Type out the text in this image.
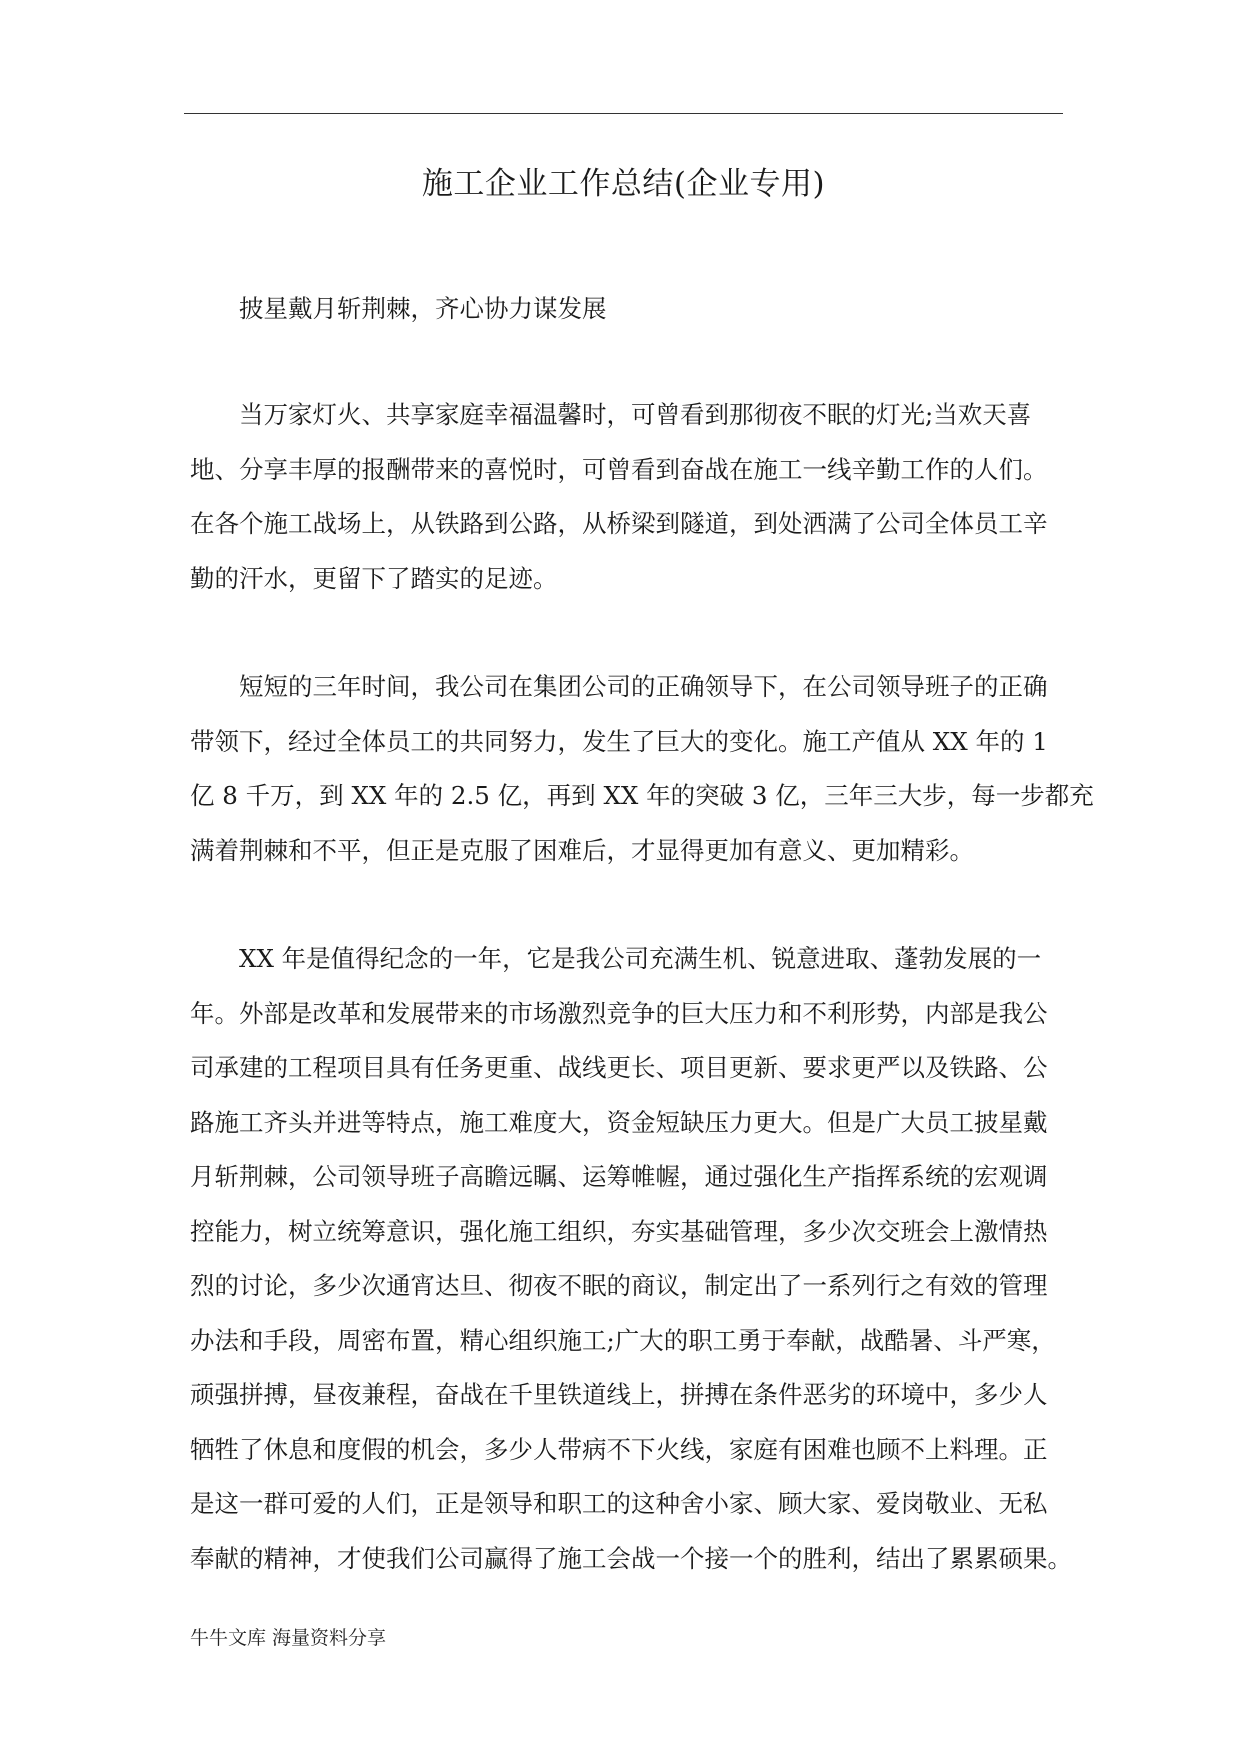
施工企业工作总结(企业专用)

披星戴月斩荆棘，齐心协力谋发展

当万家灯火、共享家庭幸福温馨时，可曾看到那彻夜不眠的灯光;当欢天喜
地、分享丰厚的报酬带来的喜悦时，可曾看到奋战在施工一线辛勤工作的人们。
在各个施工战场上，从铁路到公路，从桥梁到隧道，到处洒满了公司全体员工辛
勤的汗水，更留下了踏实的足迹。

短短的三年时间，我公司在集团公司的正确领导下，在公司领导班子的正确
带领下，经过全体员工的共同努力，发生了巨大的变化。施工产值从 XX 年的 1
亿 8 千万，到 XX 年的 2.5 亿，再到 XX 年的突破 3 亿，三年三大步，每一步都充
满着荆棘和不平，但正是克服了困难后，才显得更加有意义、更加精彩。

XX 年是值得纪念的一年，它是我公司充满生机、锐意进取、蓬勃发展的一
年。外部是改革和发展带来的市场激烈竞争的巨大压力和不利形势，内部是我公
司承建的工程项目具有任务更重、战线更长、项目更新、要求更严以及铁路、公
路施工齐头并进等特点，施工难度大，资金短缺压力更大。但是广大员工披星戴
月斩荆棘，公司领导班子高瞻远瞩、运筹帷幄，通过强化生产指挥系统的宏观调
控能力，树立统筹意识，强化施工组织，夯实基础管理，多少次交班会上激情热
烈的讨论，多少次通宵达旦、彻夜不眠的商议，制定出了一系列行之有效的管理
办法和手段，周密布置，精心组织施工;广大的职工勇于奉献，战酷暑、斗严寒，
顽强拼搏，昼夜兼程，奋战在千里铁道线上，拼搏在条件恶劣的环境中，多少人
牺牲了休息和度假的机会，多少人带病不下火线，家庭有困难也顾不上料理。正
是这一群可爱的人们，正是领导和职工的这种舍小家、顾大家、爱岗敬业、无私
奉献的精神，才使我们公司赢得了施工会战一个接一个的胜利，结出了累累硕果。

牛牛文库 海量资料分享
